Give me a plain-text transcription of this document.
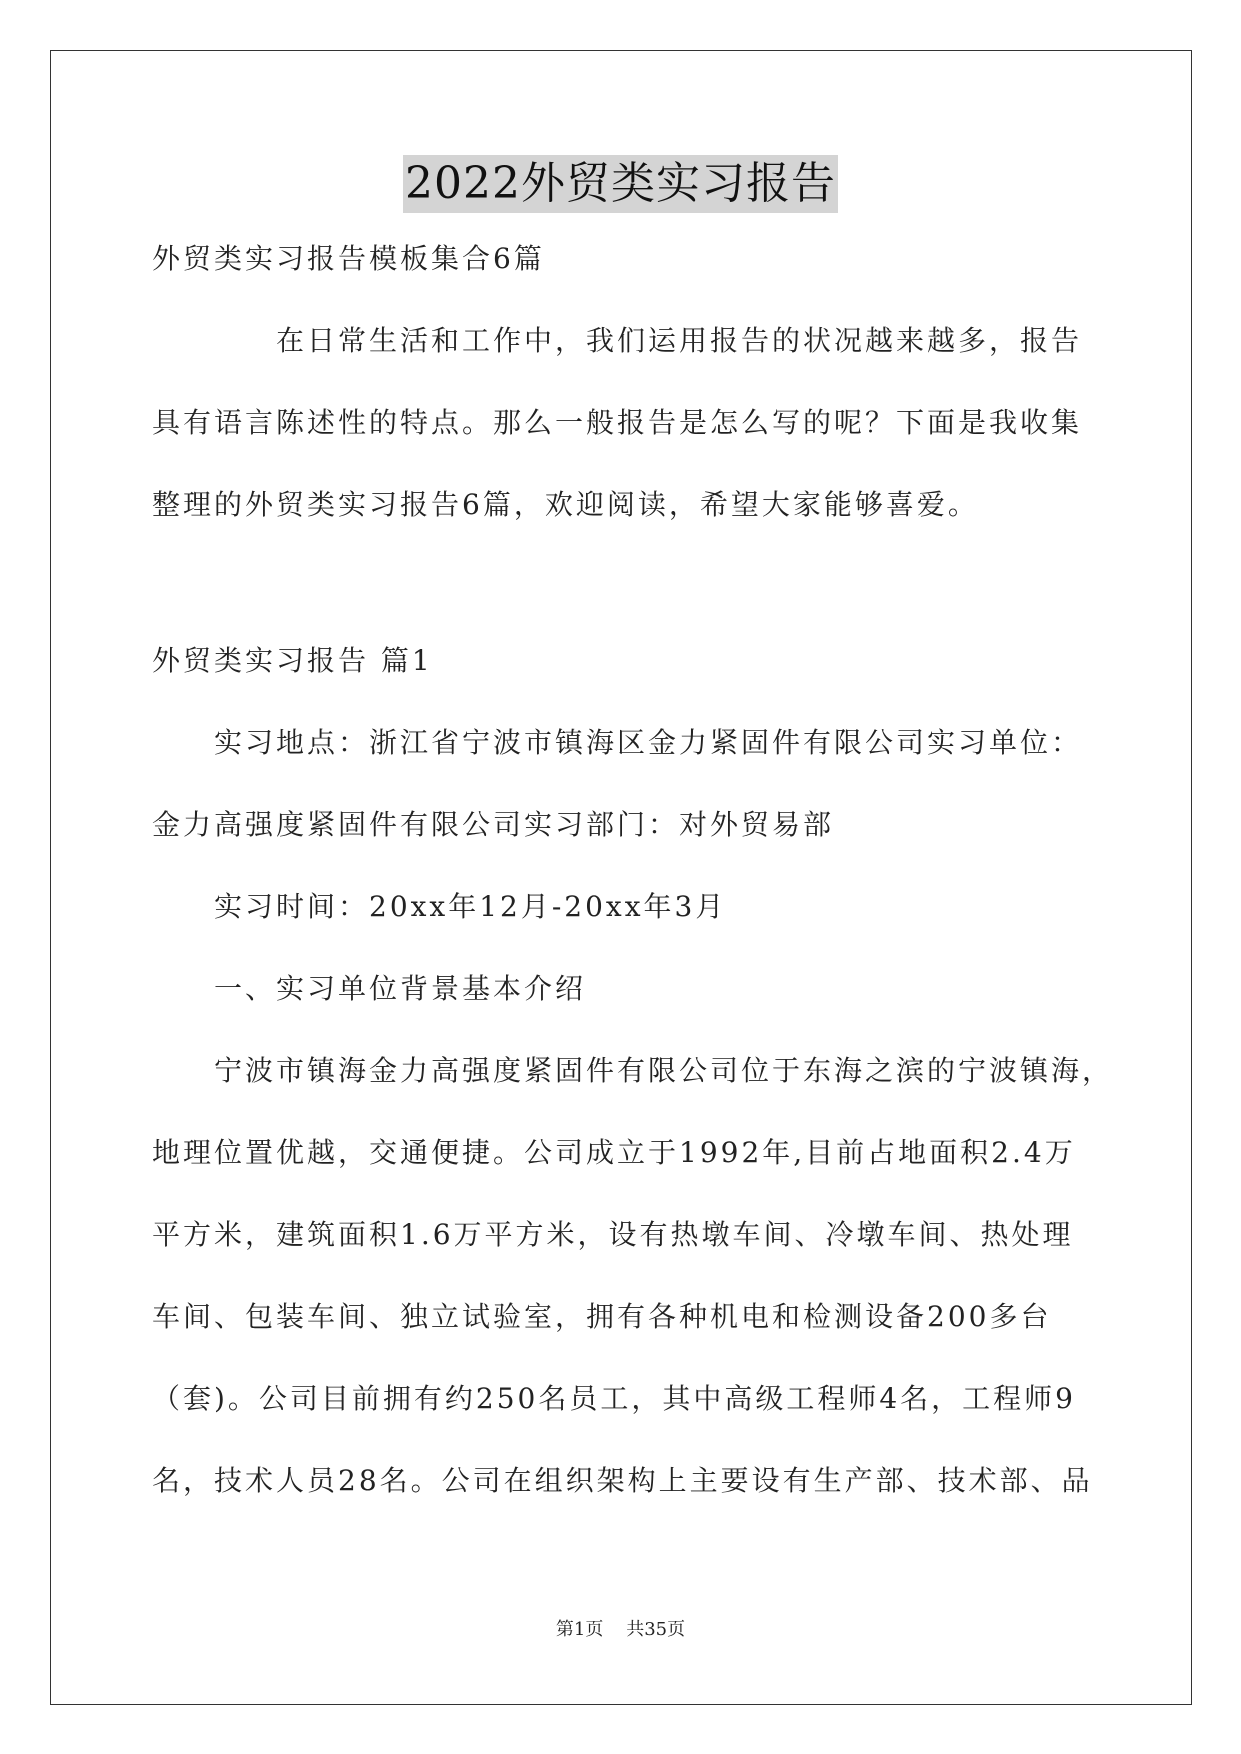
2022外贸类实习报告
外贸类实习报告模板集合6篇
在日常生活和工作中，我们运用报告的状况越来越多，报告
具有语言陈述性的特点。那么一般报告是怎么写的呢？下面是我收集
整理的外贸类实习报告6篇，欢迎阅读，希望大家能够喜爱。
外贸类实习报告 篇1
实习地点：浙江省宁波市镇海区金力紧固件有限公司实习单位：
金力高强度紧固件有限公司实习部门：对外贸易部
实习时间：20xx年12月-20xx年3月
一、实习单位背景基本介绍
宁波市镇海金力高强度紧固件有限公司位于东海之滨的宁波镇海，
地理位置优越，交通便捷。公司成立于1992年,目前占地面积2.4万
平方米，建筑面积1.6万平方米，设有热墩车间、冷墩车间、热处理
车间、包装车间、独立试验室，拥有各种机电和检测设备200多台
（套)。公司目前拥有约250名员工，其中高级工程师4名，工程师9
名，技术人员28名。公司在组织架构上主要设有生产部、技术部、品
第1页 共35页
